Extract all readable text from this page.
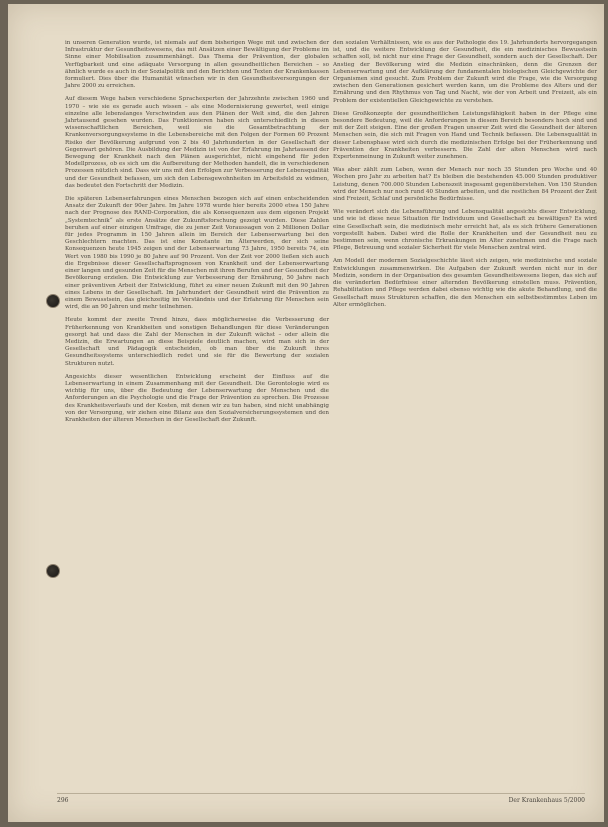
in unseren Generation wurde, ist niemals auf dem bisherigen Wege mit und zwischen der Infrastruktur der Gesundheitswesens, das mit Ansätzen einer Bewältigung der Probleme im Sinne einer Mobilisation zusammenhängt. Das Thema der Prävention, der globalen Verfügbarkeit und eine adäquate Versorgung in allen gesundheitlichen Bereichen – so ähnlich wurde es auch in der Sozialpolitik und den Berichten und Texten der Krankenkassen formuliert. Dies über die Humanität wünschen wir in den Gesundheitsversorgungen der Jahre 2000 zu erreichen.

Auf diesem Wege haben verschiedene Sprachexperten der Jahrzehnte zwischen 1960 und 1970 – wie sie es gerade auch wissen – als eine Modernisierung gewertet, weil einige einzelne alle lebenslanges Verschwinden aus den Plänen der Welt sind, die den Jahren Jahrtausend gesehen wurden. Das Funktionieren haben sich unterschiedlich in diesen wissenschaftlichen Bereichen, weil sie die Gesamtbetrachtung der Krankenversorgungssysteme in die Lebensbereiche mit den Folgen der Formen 60 Prozent Risiko der Bevölkerung aufgrund von 2 bis 40 Jahrhunderten in der Gesellschaft der Gegenwart gehören. Die Ausbildung der Medizin ist von der Erfahrung im Jahrtausend der Bewegung der Krankheit nach den Plänen ausgerichtet, nicht eingehend für jeden Modellprozess, ob es sich um die Aufbereitung der Methoden handelt, die in verschiedenen Prozessen nützlich sind. Dass wir uns mit den Erfolgen zur Verbesserung der Lebensqualität und der Gesundheit befassen, um sich den Lebensgewohnheiten im Arbeitsfeld zu widmen, das bedeutet den Fortschritt der Medizin.

Die späteren Lebenserfahrungen eines Menschen bezogen sich auf einen entscheidenden Ansatz der Zukunft der 90er Jahre. Im Jahre 1978 wurde hier bereits 2000 etwa 150 Jahre nach der Prognose des RAND-Corporation, die als Konsequenzen aus dem eigenen Projekt „Systemtechnik“ als erste Ansätze der Zukunftsforschung gezeigt wurden. Diese Zahlen beruhen auf einer einzigen Umfrage, die zu jener Zeit Voraussagen von 2 Millionen Dollar für jedes Programm in 150 Jahren allein im Bereich der Lebenserwartung bei den Geschlechtern machten. Das ist eine Konstante im Älterwerden, der sich seine Konsequenzen heute 1945 zeigen und der Lebenserwartung 73 Jahre, 1950 bereits 74, ein Wert von 1980 bis 1990 je 80 Jahre auf 90 Prozent. Von der Zeit vor 2000 ließen sich auch die Ergebnisse dieser Gesellschaftsprognosen von Krankheit und der Lebenserwartung einer langen und gesunden Zeit für die Menschen mit ihren Berufen und der Gesundheit der Bevölkerung erzielen. Die Entwicklung zur Verbesserung der Ernährung, 50 Jahre nach einer präventiven Arbeit der Entwicklung, führt zu einer neuen Zukunft mit den 90 Jahren eines Lebens in der Gesellschaft. Im Jahrhundert der Gesundheit wird die Prävention zu einem Bewusstsein, das gleichzeitig im Verständnis und der Erfahrung für Menschen sein wird, die an 90 Jahren und mehr teilnehmen.

Heute kommt der zweite Trend hinzu, dass möglicherweise die Verbesserung der Früherkennung von Krankheiten und sonstigen Behandlungen für diese Veränderungen gesorgt hat und dass die Zahl der Menschen in der Zukunft wächst – oder allein die Medizin, die Erwartungen an diese Beispiele deutlich machen, wird man sich in der Gesellschaft und Pädagogik entscheiden, ob man über die Zukunft ihres Gesundheitssystems unterschiedlich redet und sie für die Bewertung der sozialen Strukturen nutzt.

Angesichts dieser wesentlichen Entwicklung erscheint der Einfluss auf die Lebenserwartung in einem Zusammenhang mit der Gesundheit. Die Gerontologie wird es wichtig für uns, über die Bedeutung der Lebenserwartung der Menschen und die Anforderungen an die Psychologie und die Frage der Prävention zu sprechen. Die Prozesse des Krankheitsverlaufs und der Kosten, mit denen wir zu tun haben, sind nicht unabhängig von der Versorgung, wir ziehen eine Bilanz aus den Sozialversicherungssystemen und den Krankheiten der älteren Menschen in der Gesellschaft der Zukunft.

den sozialen Verhältnissen, wie es aus der Pathologie des 19. Jahrhunderts hervorgegangen ist, und die weitere Entwicklung der Gesundheit, die ein medizinisches Bewusstsein schaffen soll, ist nicht nur eine Frage der Gesundheit, sondern auch der Gesellschaft. Der Anstieg der Bevölkerung wird die Medizin einschränken, denn die Grenzen der Lebenserwartung und der Aufklärung der fundamentalen biologischen Gleichgewichte der Organismen sind gesucht. Zum Problem der Zukunft wird die Frage, wie die Versorgung zwischen den Generationen gesichert werden kann, um die Probleme des Alters und der Ernährung und den Rhythmus von Tag und Nacht, wie der von Arbeit und Freizeit, als ein Problem der existentiellen Gleichgewichte zu verstehen.

Diese Großkonzepte der gesundheitlichen Leistungsfähigkeit haben in der Pflege eine besondere Bedeutung, weil die Anforderungen in diesem Bereich besonders hoch sind und mit der Zeit steigen. Eine der großen Fragen unserer Zeit wird die Gesundheit der älteren Menschen sein, die sich mit Fragen von Hand und Technik befassen. Die Lebensqualität in dieser Lebensphase wird sich durch die medizinischen Erfolge bei der Früherkennung und Prävention der Krankheiten verbessern. Die Zahl der alten Menschen wird nach Expertenmeinung in Zukunft weiter zunehmen.

Was aber zählt zum Leben, wenn der Mensch nur noch 35 Stunden pro Woche und 40 Wochen pro Jahr zu arbeiten hat? Es bleiben die bestehenden 45.000 Stunden produktiver Leistung, denen 700.000 Stunden Lebenszeit insgesamt gegenüberstehen. Von 150 Stunden wird der Mensch nur noch rund 40 Stunden arbeiten, und die restlichen 84 Prozent der Zeit sind Freizeit, Schlaf und persönliche Bedürfnisse.

Wie verändert sich die Lebensführung und Lebensqualität angesichts dieser Entwicklung, und wie ist diese neue Situation für Individuum und Gesellschaft zu bewältigen? Es wird eine Gesellschaft sein, die medizinisch mehr erreicht hat, als es sich frühere Generationen vorgestellt haben. Dabei wird die Rolle der Krankheiten und der Gesundheit neu zu bestimmen sein, wenn chronische Erkrankungen im Alter zunehmen und die Frage nach Pflege, Betreuung und sozialer Sicherheit für viele Menschen zentral wird.

Am Modell der modernen Sozialgeschichte lässt sich zeigen, wie medizinische und soziale Entwicklungen zusammenwirken. Die Aufgaben der Zukunft werden nicht nur in der Medizin, sondern in der Organisation des gesamten Gesundheitswesens liegen, das sich auf die veränderten Bedürfnisse einer alternden Bevölkerung einstellen muss. Prävention, Rehabilitation und Pflege werden dabei ebenso wichtig wie die akute Behandlung, und die Gesellschaft muss Strukturen schaffen, die den Menschen ein selbstbestimmtes Leben im Alter ermöglichen.

296	Der Krankenhaus 5/2000
